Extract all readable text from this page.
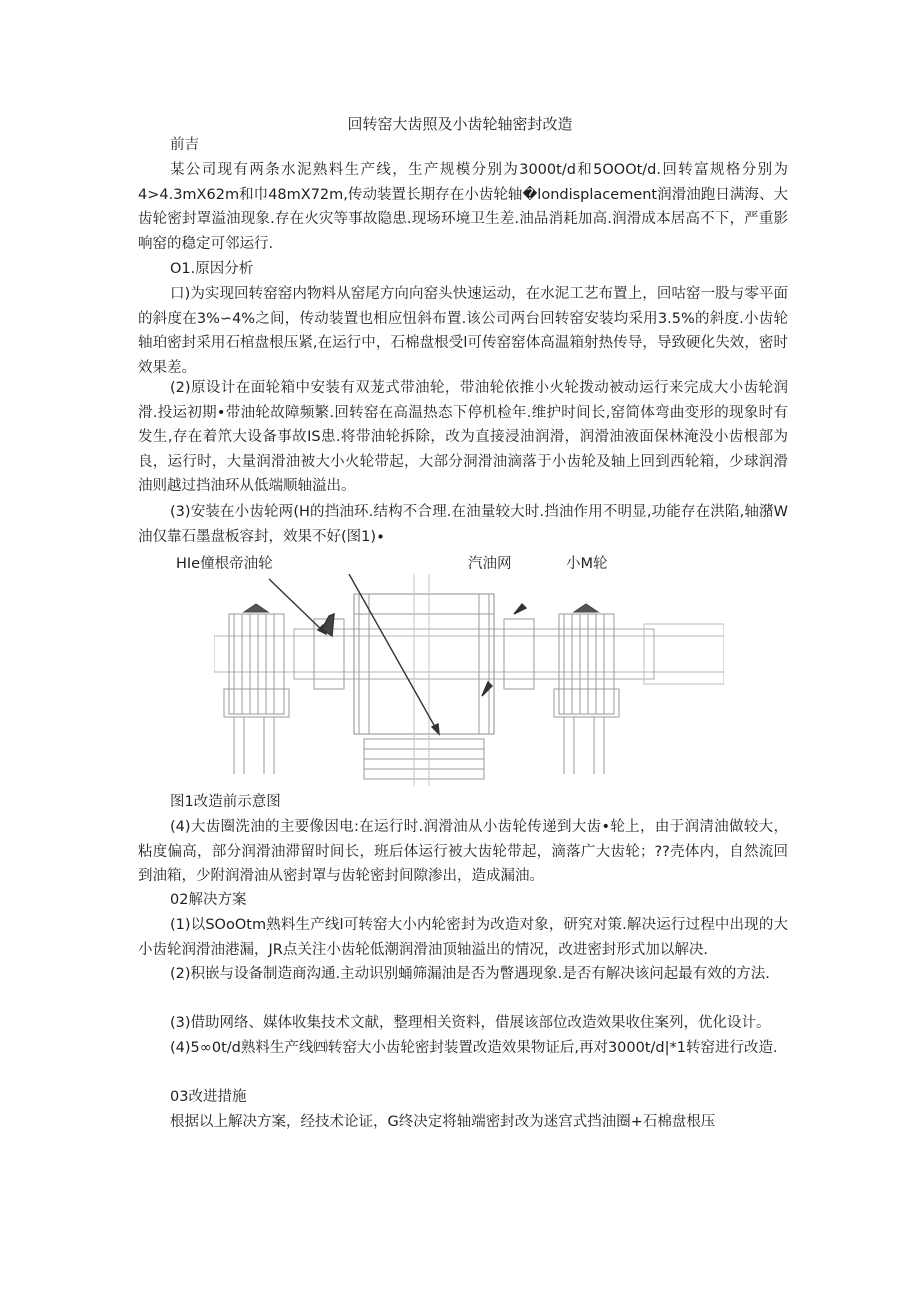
回转窑大齿照及小齿轮轴密封改造
前吉

某公司现有两条水泥熟料生产线，生产规模分别为3000t∕d和5OOOt∕d.回转富规格分别为4>4.3mX62m和巾48mX72m,传动装置长期存在小齿轮轴�londisplacement润滑油跑日满海、大齿轮密封罩溢油现象.存在火灾等事故隐患.现场环境卫生差.油品消耗加高.润滑成本居高不下，严重影响窑的稳定可邻运行.

O1.原因分析

口)为实现回转窑窑内物料从窑尾方向向窑头快速运动，在水泥工艺布置上，回咕窑一股与零平面的斜度在3%∽4%之间，传动装置也相应忸斜布置.该公司两台回转窑安装均采用3.5%的斜度.小齿轮轴珀密封采用石棺盘根压紧,在运行中，石棉盘根受l可传窑窑体高温箱射热传导，导致硬化失效，密时效果差。

(2)原设计在面轮箱中安装有双茏式带油轮，带油轮依推小火轮拨动被动运行来完成大小齿轮润滑.投运初期•带油轮故障频繁.回转窑在高温热态下停机检年.维护时间长,窑简体弯曲变形的现象时有发生,存在着笊大设备事故IS患.将带油轮拆除，改为直接浸油润滑，润滑油液面保林淹没小齿根部为良，运行时，大量润滑油被大小火轮带起，大部分洞滑油滴落于小齿轮及轴上回到西轮箱，少球润滑油则越过挡油环从低端顺轴溢出。

(3)安装在小齿轮两(H的挡油环.结构不合理.在油量较大时.挡油作用不明显,功能存在洪陷,轴潴W油仅靠石墨盘板容封，效果不好(图1)∙

HIe僮根帝油轮	汽油网	小M轮
图1改造前示意图

(4)大齿圈洗油的主要像因电:在运行时.润滑油从小齿轮传递到大齿•轮上，由于润清油做较大，粘度偏高，部分润滑油滞留时间长，班后体运行被大齿轮带起，滴落广大齿轮；??壳体内，自然流回到油箱，少附润滑油从密封罩与齿轮密封间隙渗出，造成漏油。

02解决方案

(1)以SOoOtm熟料生产线l可转窑大小内轮密封为改造对象，研究对策.解决运行过程中出现的大小齿轮润滑油港漏，JR点关注小齿轮低潮润滑油顶轴溢出的情况，改进密封形式加以解决.

(2)积嵌与设备制造商沟通.主动识别蛹筛漏油是否为瞥遇现象.是否有解决该问起最有效的方法.

(3)借助网络、媒体收集技术文献，整理相关资料，借展该部位改造效果收住案列，优化设计。

(4)5∞0t∕d熟料生产线㈣转窑大小齿轮密封装置改造效果物证后,再对3000t∕d|*1转窑进行改造.

03改进措施

根据以上解决方案，经技术论证，G终决定将轴端密封改为迷宫式挡油圈+石棉盘根压
